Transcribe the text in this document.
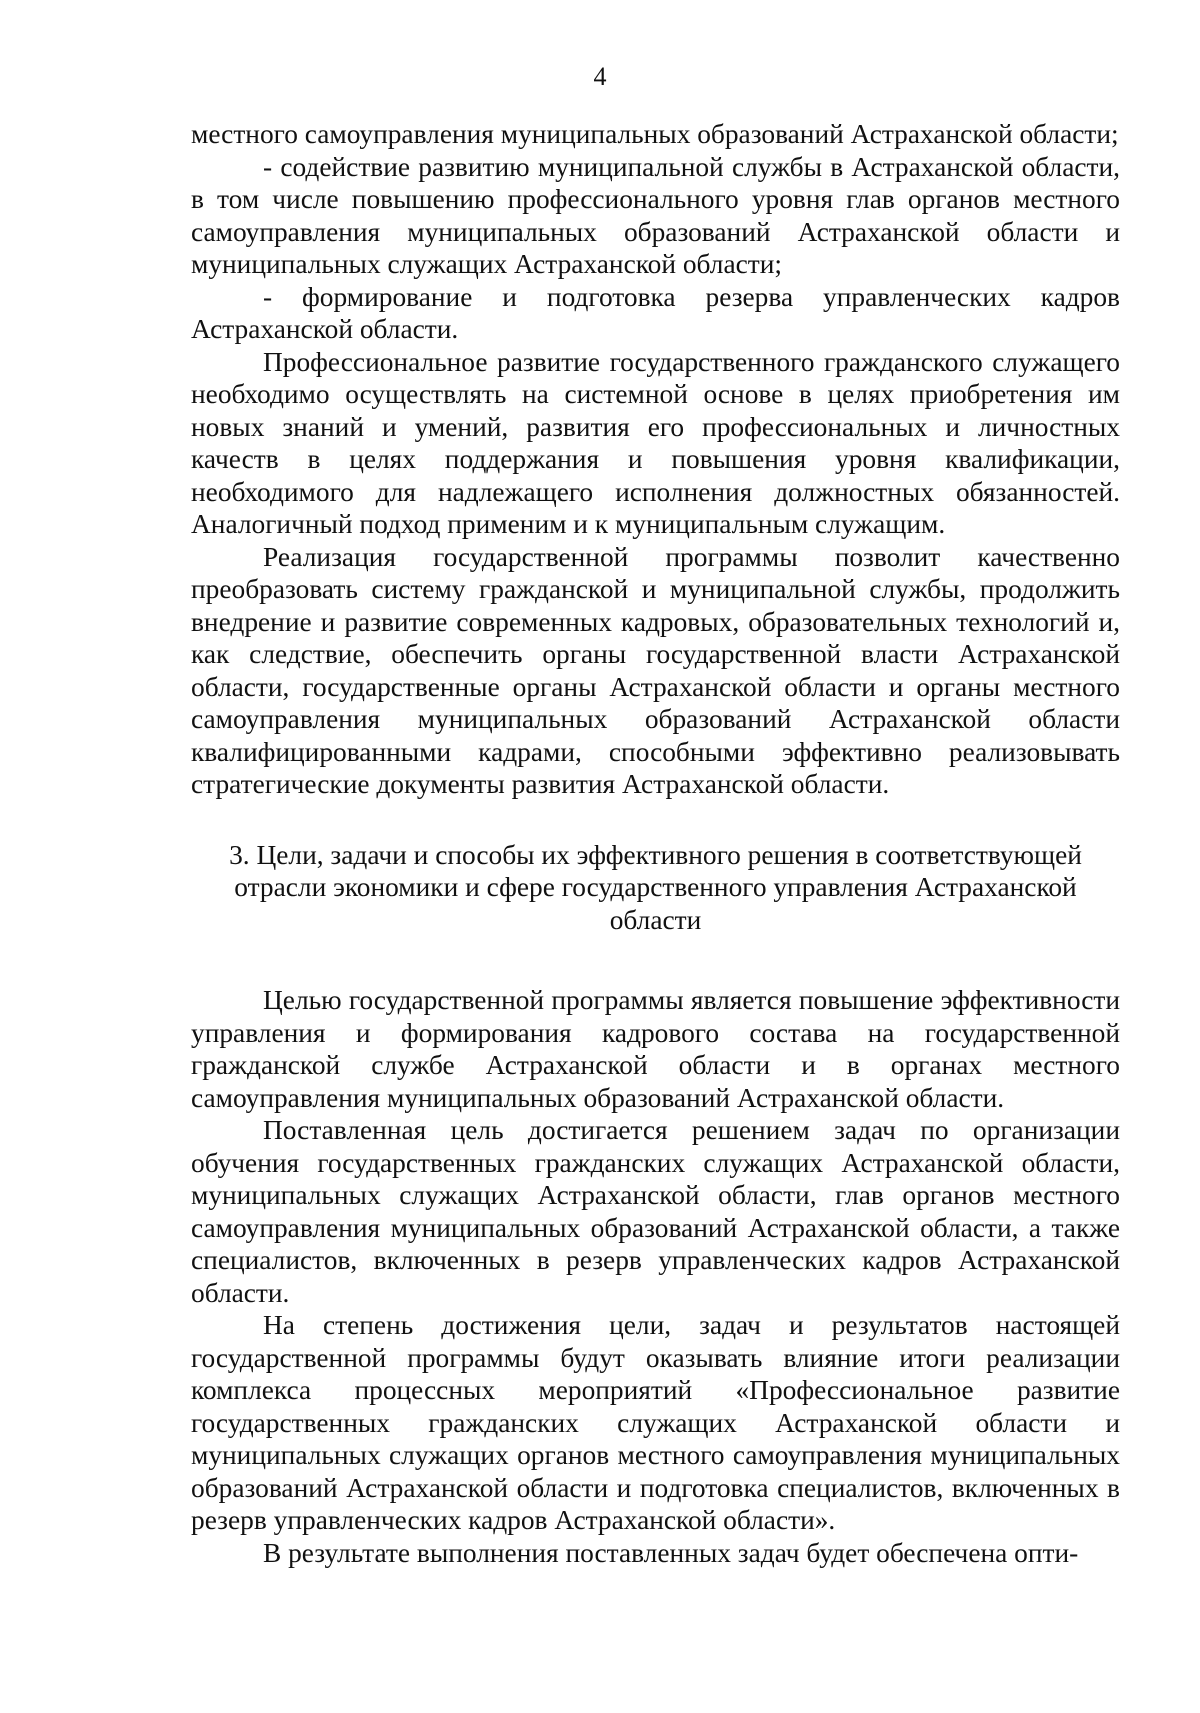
4

местного самоуправления муниципальных образований Астраханской области;

- содействие развитию муниципальной службы в Астраханской области, в том числе повышению профессионального уровня глав органов местного самоуправления муниципальных образований Астраханской области и муниципальных служащих Астраханской области;

- формирование и подготовка резерва управленческих кадров Астраханской области.

Профессиональное развитие государственного гражданского служащего необходимо осуществлять на системной основе в целях приобретения им новых знаний и умений, развития его профессиональных и личностных качеств в целях поддержания и повышения уровня квалификации, необходимого для надлежащего исполнения должностных обязанностей. Аналогичный подход применим и к муниципальным служащим.

Реализация государственной программы позволит качественно преобразовать систему гражданской и муниципальной службы, продолжить внедрение и развитие современных кадровых, образовательных технологий и, как следствие, обеспечить органы государственной власти Астраханской области, государственные органы Астраханской области и органы местного самоуправления муниципальных образований Астраханской области квалифицированными кадрами, способными эффективно реализовывать стратегические документы развития Астраханской области.

3. Цели, задачи и способы их эффективного решения в соответствующей отрасли экономики и сфере государственного управления Астраханской области

Целью государственной программы является повышение эффективности управления и формирования кадрового состава на государственной гражданской службе Астраханской области и в органах местного самоуправления муниципальных образований Астраханской области.

Поставленная цель достигается решением задач по организации обучения государственных гражданских служащих Астраханской области, муниципальных служащих Астраханской области, глав органов местного самоуправления муниципальных образований Астраханской области, а также специалистов, включенных в резерв управленческих кадров Астраханской области.

На степень достижения цели, задач и результатов настоящей государственной программы будут оказывать влияние итоги реализации комплекса процессных мероприятий «Профессиональное развитие государственных гражданских служащих Астраханской области и муниципальных служащих органов местного самоуправления муниципальных образований Астраханской области и подготовка специалистов, включенных в резерв управленческих кадров Астраханской области».

В результате выполнения поставленных задач будет обеспечена опти-
